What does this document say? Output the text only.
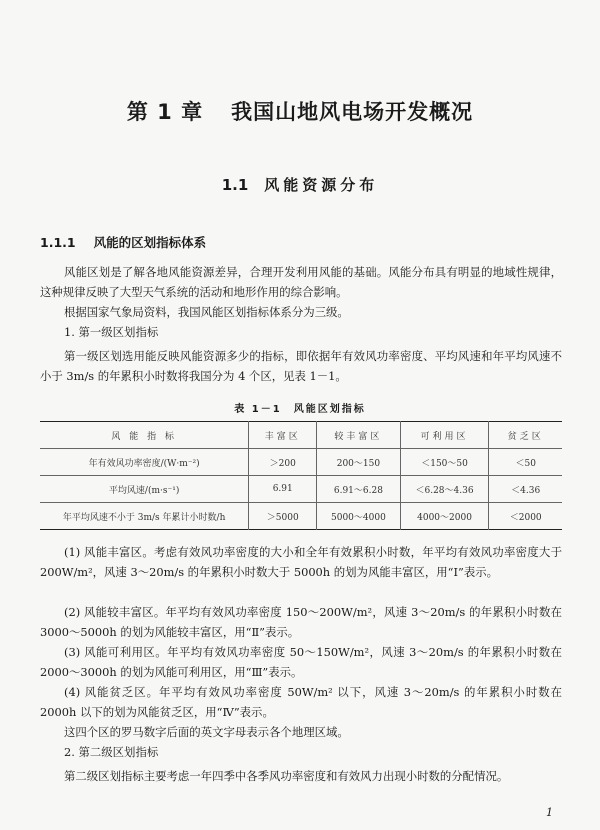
第 1 章 我国山地风电场开发概况
1.1 风能资源分布
1.1.1 风能的区划指标体系
风能区划是了解各地风能资源差异，合理开发利用风能的基础。风能分布具有明显的地域性规律，这种规律反映了大型天气系统的活动和地形作用的综合影响。
根据国家气象局资料，我国风能区划指标体系分为三级。
1. 第一级区划指标
第一级区划选用能反映风能资源多少的指标，即依据年有效风功率密度、平均风速和年平均风速不小于 3m/s 的年累积小时数将我国分为 4 个区，见表 1－1。
表 1－1　风能区划指标
风 能 指 标	丰富区	较丰富区	可利用区	贫乏区
年有效风功率密度/(W·m⁻²)	＞200	200～150	＜150～50	＜50
平均风速/(m·s⁻¹)	6.91	6.91～6.28	＜6.28～4.36	＜4.36
年平均风速不小于 3m/s 年累计小时数/h	＞5000	5000～4000	4000～2000	＜2000
(1) 风能丰富区。考虑有效风功率密度的大小和全年有效累积小时数，年平均有效风功率密度大于 200W/m²，风速 3～20m/s 的年累积小时数大于 5000h 的划为风能丰富区，用“Ⅰ”表示。
(2) 风能较丰富区。年平均有效风功率密度 150～200W/m²，风速 3～20m/s 的年累积小时数在 3000～5000h 的划为风能较丰富区，用“Ⅱ”表示。
(3) 风能可利用区。年平均有效风功率密度 50～150W/m²，风速 3～20m/s 的年累积小时数在 2000～3000h 的划为风能可利用区，用“Ⅲ”表示。
(4) 风能贫乏区。年平均有效风功率密度 50W/m² 以下，风速 3～20m/s 的年累积小时数在 2000h 以下的划为风能贫乏区，用“Ⅳ”表示。
这四个区的罗马数字后面的英文字母表示各个地理区域。
2. 第二级区划指标
第二级区划指标主要考虑一年四季中各季风功率密度和有效风力出现小时数的分配情况。
1
